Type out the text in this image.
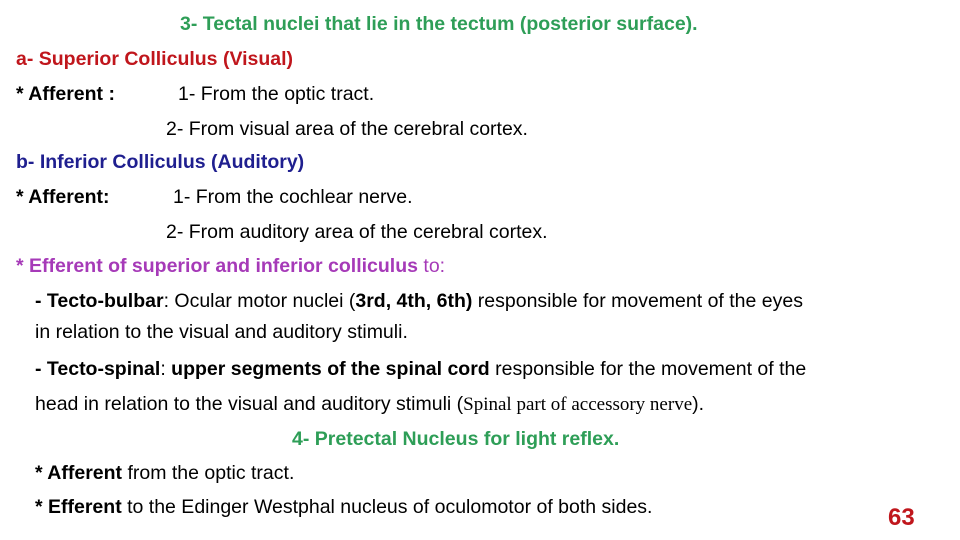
3- Tectal nuclei that lie in the tectum (posterior surface).
a- Superior Colliculus (Visual)
* Afferent :	1- From the optic tract.
2- From visual area of the cerebral cortex.
b- Inferior Colliculus (Auditory)
* Afferent:	1- From the cochlear nerve.
2- From auditory area of the cerebral cortex.
* Efferent of superior and inferior colliculus to:
- Tecto-bulbar: Ocular motor nuclei (3rd, 4th, 6th) responsible for movement of the eyes
in relation to the visual and auditory stimuli.
- Tecto-spinal: upper segments of the spinal cord responsible for the movement of the
head in relation to the visual and auditory stimuli (Spinal part of accessory nerve).
4- Pretectal Nucleus for light reflex.
* Afferent from the optic tract.
* Efferent to the Edinger Westphal nucleus of oculomotor of both sides.	63
